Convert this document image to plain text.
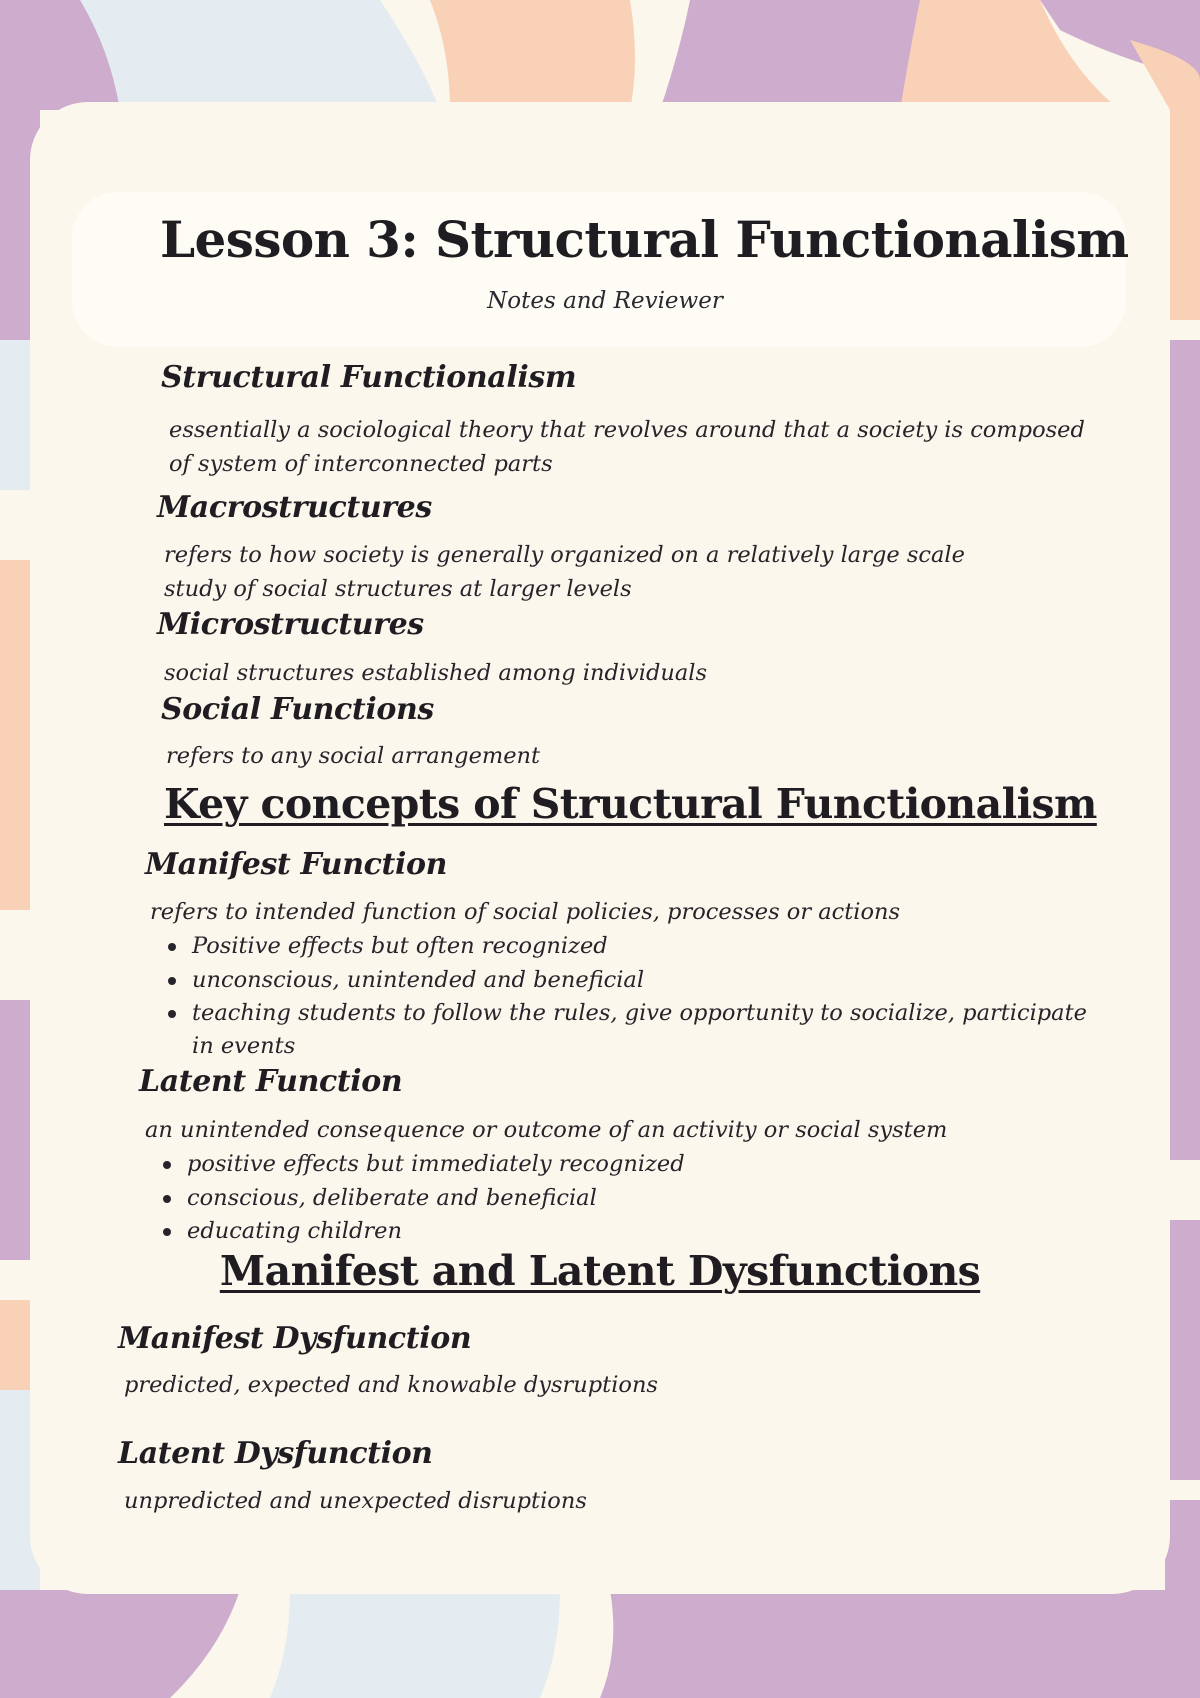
Lesson 3: Structural Functionalism
Notes and Reviewer
Structural Functionalism
essentially a sociological theory that revolves around that a society is composed
of system of interconnected parts
Macrostructures
refers to how society is generally organized on a relatively large scale
study of social structures at larger levels
Microstructures
social structures established among individuals
Social Functions
refers to any social arrangement
Key concepts of Structural Functionalism
Manifest Function
refers to intended function of social policies, processes or actions
Positive effects but often recognized
unconscious, unintended and beneficial
teaching students to follow the rules, give opportunity to socialize, participate
in events
Latent Function
an unintended consequence or outcome of an activity or social system
positive effects but immediately recognized
conscious, deliberate and beneficial
educating children
Manifest and Latent Dysfunctions
Manifest Dysfunction
predicted, expected and knowable dysruptions
Latent Dysfunction
unpredicted and unexpected disruptions
